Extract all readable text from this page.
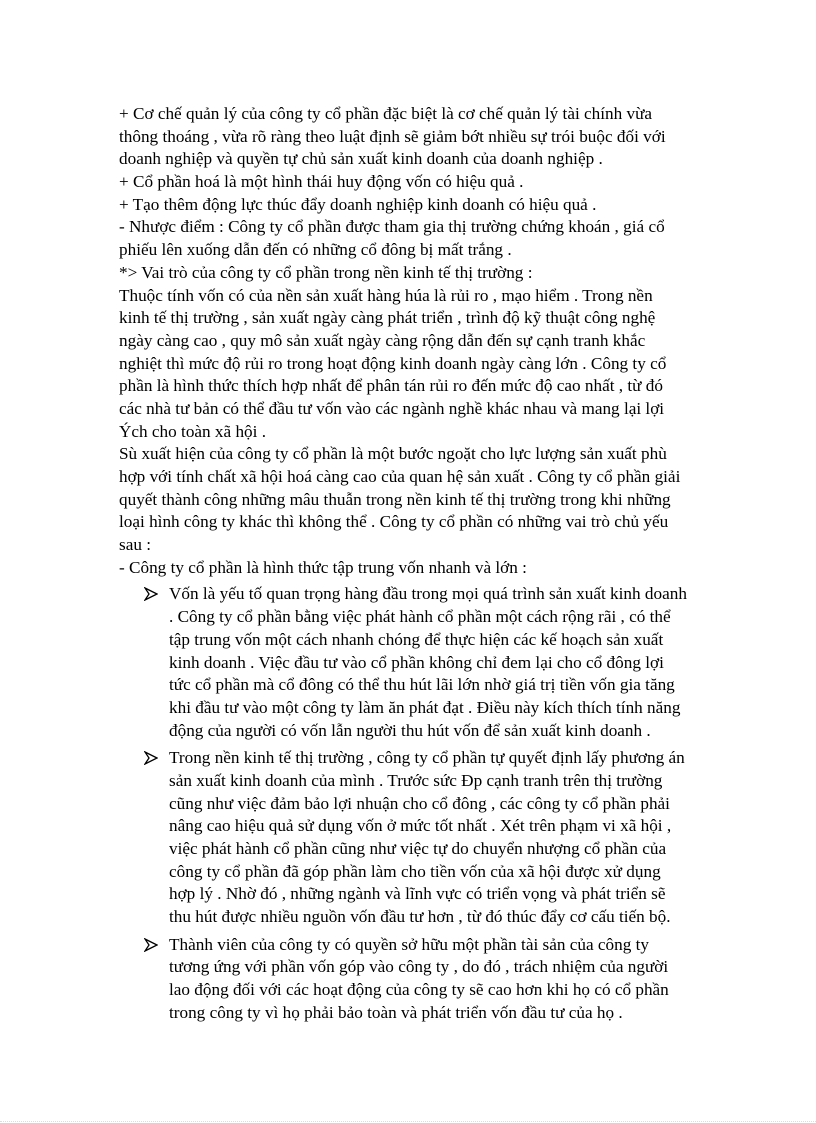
+ Cơ chế quản lý của công ty cổ phần đặc biệt là cơ chế quản lý tài chính vừa
thông thoáng , vừa rõ ràng theo luật định sẽ giảm bớt nhiều sự trói buộc đối với
doanh nghiệp và quyền tự chủ sản xuất kinh doanh của doanh nghiệp .
+ Cổ phần hoá là một hình thái huy động vốn có hiệu quả .
+ Tạo thêm động lực thúc đẩy doanh nghiệp kinh doanh có hiệu quả .
- Nhược điểm : Công ty cổ phần được tham gia thị trường chứng khoán , giá cổ
phiếu lên xuống dẫn đến có những cổ đông bị mất trắng .
*> Vai trò của công ty cổ phần trong nền kinh tế thị trường :
Thuộc tính vốn có của nền sản xuất hàng húa là rủi ro , mạo hiểm . Trong nền
kinh tế thị trường , sản xuất ngày càng phát triển , trình độ kỹ thuật công nghệ
ngày càng cao , quy mô sản xuất ngày càng rộng dẫn đến sự cạnh tranh khắc
nghiệt thì mức độ rủi ro trong hoạt động kinh doanh ngày càng lớn . Công ty cổ
phần là hình thức thích hợp nhất để phân tán rủi ro đến mức độ cao nhất , từ đó
các nhà tư bản có thể đầu tư vốn vào các ngành nghề khác nhau và mang lại lợi
Ých cho toàn xã hội .
Sù xuất hiện của công ty cổ phần là một bước ngoặt cho lực lượng sản xuất phù
hợp với tính chất xã hội hoá càng cao của quan hệ sản xuất . Công ty cổ phần giải
quyết thành công những mâu thuẫn trong nền kinh tế thị trường trong khi những
loại hình công ty khác thì không thể . Công ty cổ phần có những vai trò chủ yếu
sau :
- Công ty cổ phần là hình thức tập trung vốn nhanh và lớn :
Vốn là yếu tố quan trọng hàng đầu trong mọi quá trình sản xuất kinh doanh
. Công ty cổ phần bằng việc phát hành cổ phần một cách rộng rãi , có thể
tập trung vốn một cách nhanh chóng để thực hiện các kế hoạch sản xuất
kinh doanh . Việc đầu tư vào cổ phần không chỉ đem lại cho cổ đông lợi
tức cổ phần mà cổ đông có thể thu hút lãi lớn nhờ giá trị tiền vốn gia tăng
khi đầu tư vào một công ty làm ăn phát đạt . Điều này kích thích tính năng
động của người có vốn lẫn người thu hút vốn để sản xuất kinh doanh .
Trong nền kinh tế thị trường , công ty cổ phần tự quyết định lấy phương án
sản xuất kinh doanh của mình . Trước sức Ðp cạnh tranh trên thị trường
cũng như việc đảm bảo lợi nhuận cho cổ đông , các công ty cổ phần phải
nâng cao hiệu quả sử dụng vốn ở mức tốt nhất . Xét trên phạm vi xã hội ,
việc phát hành cổ phần cũng như việc tự do chuyển nhượng cổ phần của
công ty cổ phần đã góp phần làm cho tiền vốn của xã hội được xử dụng
hợp lý . Nhờ đó , những ngành và lĩnh vực có triển vọng và phát triển sẽ
thu hút được nhiều nguồn vốn đầu tư hơn , từ đó thúc đẩy cơ cấu tiến bộ.
Thành viên của công ty có quyền sở hữu một phần tài sản của công ty
tương ứng với phần vốn góp vào công ty , do đó , trách nhiệm của người
lao động đối với các hoạt động của công ty sẽ cao hơn khi họ có cổ phần
trong công ty vì họ phải bảo toàn và phát triển vốn đầu tư của họ .
